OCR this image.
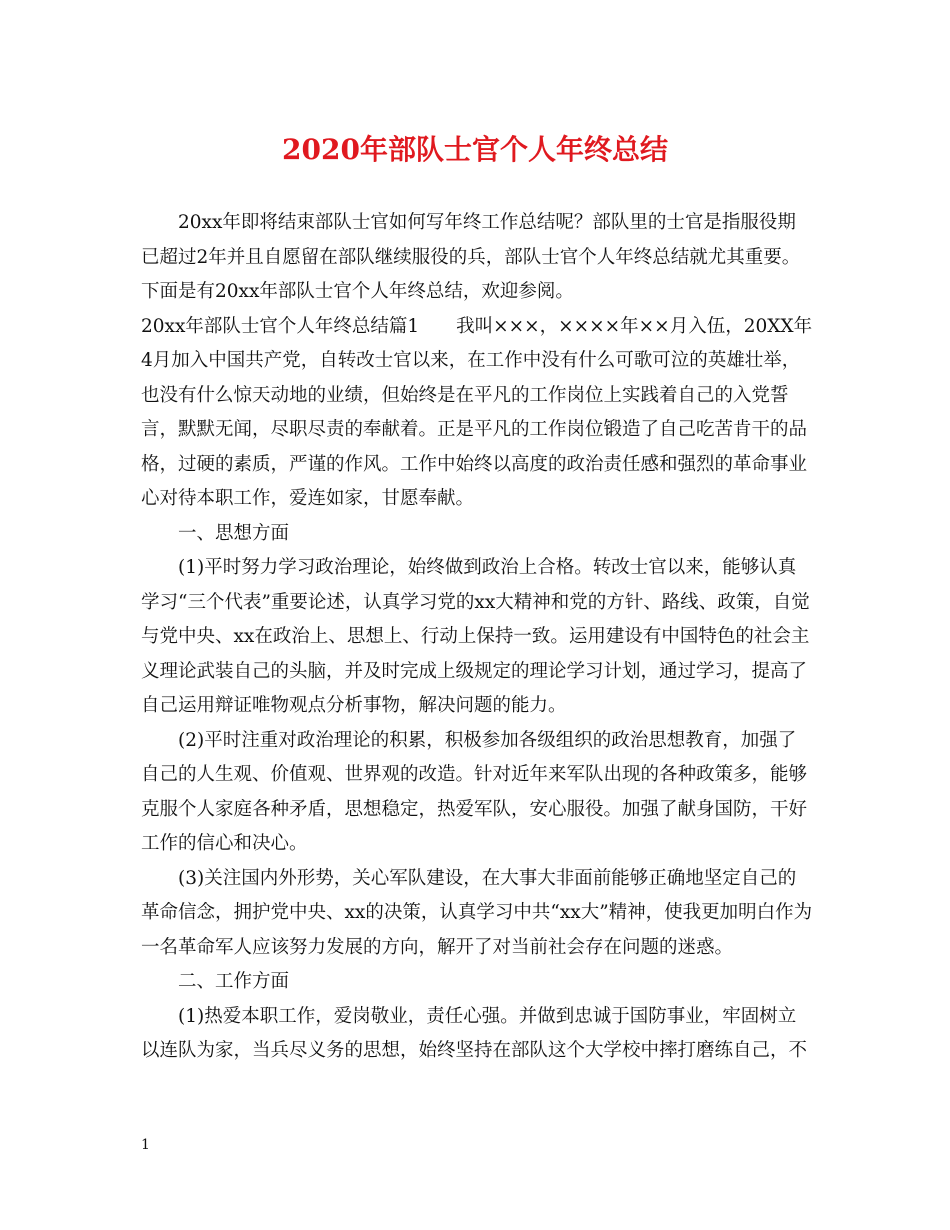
2020年部队士官个人年终总结

20xx年即将结束部队士官如何写年终工作总结呢？部队里的士官是指服役期已超过2年并且自愿留在部队继续服役的兵，部队士官个人年终总结就尤其重要。下面是有20xx年部队士官个人年终总结，欢迎参阅。

20xx年部队士官个人年终总结篇1　　我叫×××，××××年××月入伍，20XX年4月加入中国共产党，自转改士官以来，在工作中没有什么可歌可泣的英雄壮举，也没有什么惊天动地的业绩，但始终是在平凡的工作岗位上实践着自己的入党誓言，默默无闻，尽职尽责的奉献着。正是平凡的工作岗位锻造了自己吃苦肯干的品格，过硬的素质，严谨的作风。工作中始终以高度的政治责任感和强烈的革命事业心对待本职工作，爱连如家，甘愿奉献。

一、思想方面

(1)平时努力学习政治理论，始终做到政治上合格。转改士官以来，能够认真学习“三个代表”重要论述，认真学习党的xx大精神和党的方针、路线、政策，自觉与党中央、xx在政治上、思想上、行动上保持一致。运用建设有中国特色的社会主义理论武装自己的头脑，并及时完成上级规定的理论学习计划，通过学习，提高了自己运用辩证唯物观点分析事物，解决问题的能力。

(2)平时注重对政治理论的积累，积极参加各级组织的政治思想教育，加强了自己的人生观、价值观、世界观的改造。针对近年来军队出现的各种政策多，能够克服个人家庭各种矛盾，思想稳定，热爱军队，安心服役。加强了献身国防，干好工作的信心和决心。

(3)关注国内外形势，关心军队建设，在大事大非面前能够正确地坚定自己的革命信念，拥护党中央、xx的决策，认真学习中共“xx大”精神，使我更加明白作为一名革命军人应该努力发展的方向，解开了对当前社会存在问题的迷惑。

二、工作方面

(1)热爱本职工作，爱岗敬业，责任心强。并做到忠诚于国防事业，牢固树立以连队为家，当兵尽义务的思想，始终坚持在部队这个大学校中摔打磨练自己，不

1
